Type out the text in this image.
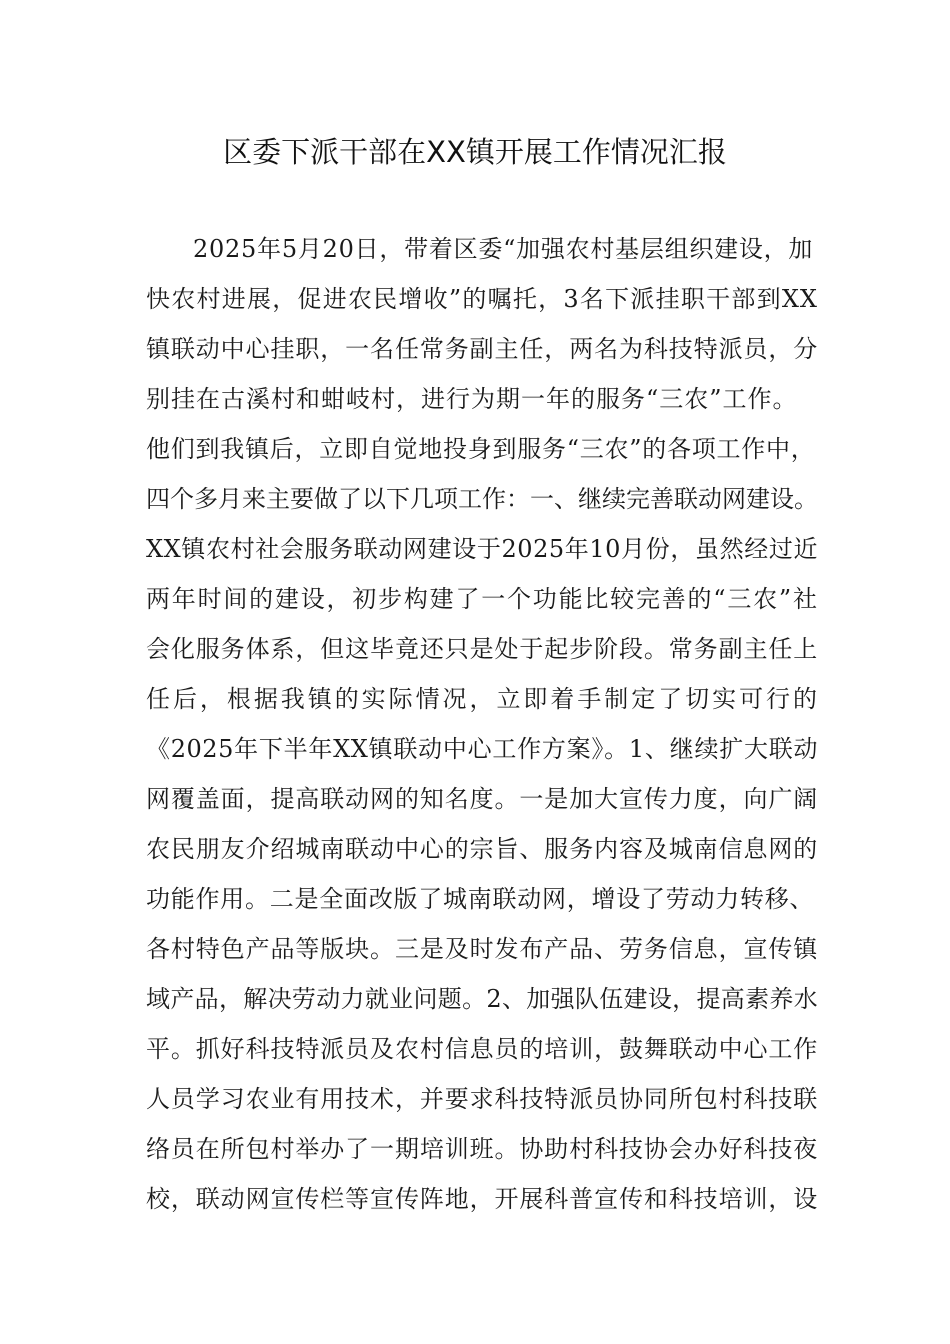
区委下派干部在XX镇开展工作情况汇报
2025年5月20日，带着区委“加强农村基层组织建设，加
快农村进展，促进农民增收”的嘱托，3名下派挂职干部到XX
镇联动中心挂职，一名任常务副主任，两名为科技特派员，分
别挂在古溪村和蚶岐村，进行为期一年的服务“三农”工作。
他们到我镇后，立即自觉地投身到服务“三农”的各项工作中，
四个多月来主要做了以下几项工作：一、继续完善联动网建设。
XX镇农村社会服务联动网建设于2025年10月份，虽然经过近
两年时间的建设，初步构建了一个功能比较完善的“三农”社
会化服务体系，但这毕竟还只是处于起步阶段。常务副主任上
任后，根据我镇的实际情况，立即着手制定了切实可行的
《2025年下半年XX镇联动中心工作方案》。1、继续扩大联动
网覆盖面，提高联动网的知名度。一是加大宣传力度，向广阔
农民朋友介绍城南联动中心的宗旨、服务内容及城南信息网的
功能作用。二是全面改版了城南联动网，增设了劳动力转移、
各村特色产品等版块。三是及时发布产品、劳务信息，宣传镇
域产品，解决劳动力就业问题。2、加强队伍建设，提高素养水
平。抓好科技特派员及农村信息员的培训，鼓舞联动中心工作
人员学习农业有用技术，并要求科技特派员协同所包村科技联
络员在所包村举办了一期培训班。协助村科技协会办好科技夜
校，联动网宣传栏等宣传阵地，开展科普宣传和科技培训，设
